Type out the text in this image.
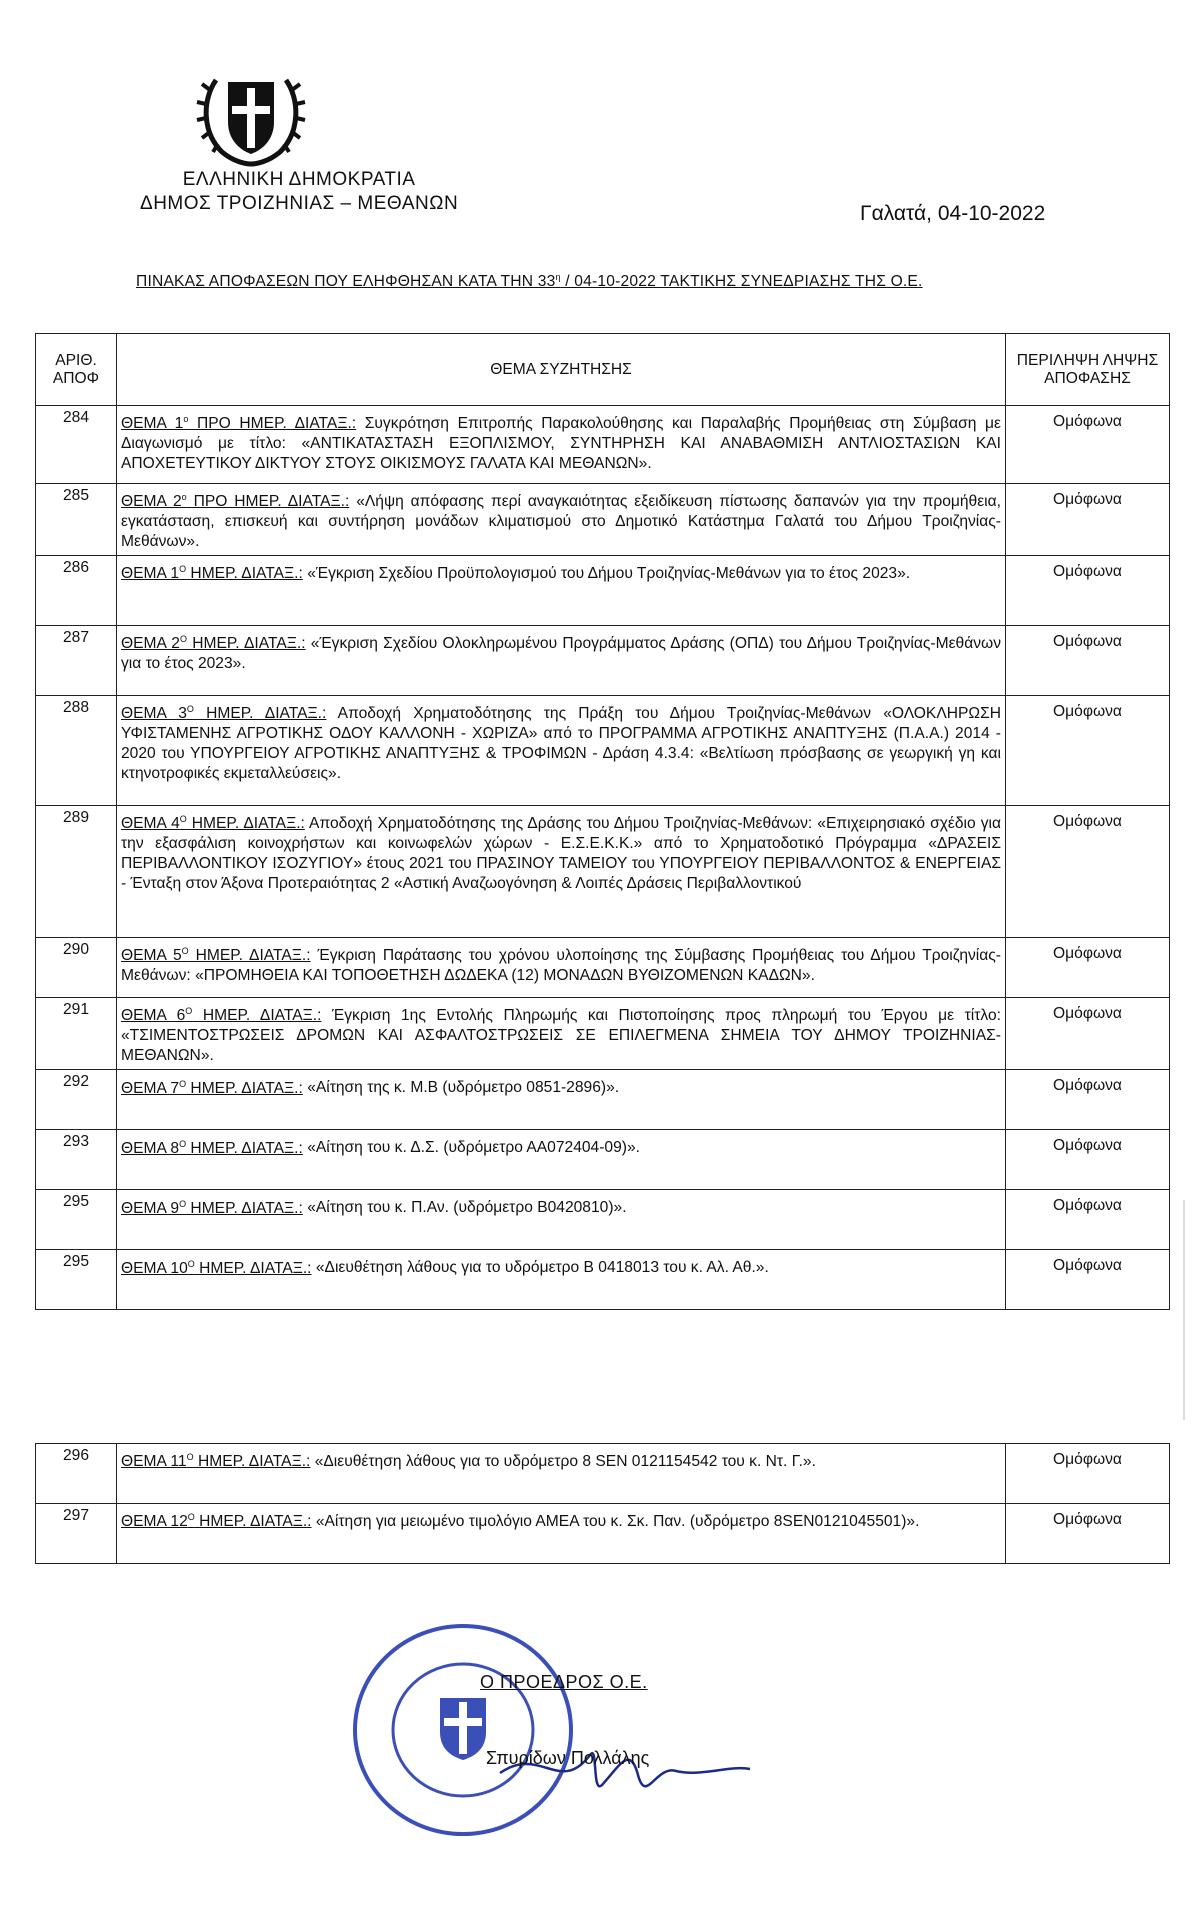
ΕΛΛΗΝΙΚΗ ΔΗΜΟΚΡΑΤΙΑ
ΔΗΜΟΣ ΤΡΟΙΖΗΝΙΑΣ – ΜΕΘΑΝΩΝ	Γαλατά, 04-10-2022
ΠΙΝΑΚΑΣ ΑΠΟΦΑΣΕΩΝ ΠΟΥ ΕΛΗΦΘΗΣΑΝ ΚΑΤΑ ΤΗΝ $33^\eta / 04-10-2022$ ΤΑΚΤΙΚΗΣ ΣΥΝΕΔΡΙΑΣΗΣ ΤΗΣ Ο.Ε.
ΑΡΙΘ. ΑΠΟΦ	ΘΕΜΑ ΣΥΖΗΤΗΣΗΣ	ΠΕΡΙΛΗΨΗ ΛΗΨΗΣ ΑΠΟΦΑΣΗΣ
284	ΘΕΜΑ $1^o$ ΠΡΟ ΗΜΕΡ. ΔΙΑΤΑΞ.: Συγκρότηση Επιτροπής Παρακολούθησης και Παραλαβής Προμήθειας στη Σύμβαση με Διαγωνισμό με τίτλο: «ΑΝΤΙΚΑΤΑΣΤΑΣΗ ΕΞΟΠΛΙΣΜΟΥ, ΣΥΝΤΗΡΗΣΗ ΚΑΙ ΑΝΑΒΑΘΜΙΣΗ ΑΝΤΛΙΟΣΤΑΣΙΩΝ ΚΑΙ ΑΠΟΧΕΤΕΥΤΙΚΟΥ ΔΙΚΤΥΟΥ ΣΤΟΥΣ ΟΙΚΙΣΜΟΥΣ ΓΑΛΑΤΑ ΚΑΙ ΜΕΘΑΝΩΝ».	Ομόφωνα
285	ΘΕΜΑ $2^o$ ΠΡΟ ΗΜΕΡ. ΔΙΑΤΑΞ.: «Λήψη απόφασης περί αναγκαιότητας εξειδίκευση πίστωσης δαπανών για την προμήθεια, εγκατάσταση, επισκευή και συντήρηση μονάδων κλιματισμού στο Δημοτικό Κατάστημα Γαλατά του Δήμου Τροιζηνίας-Μεθάνων».	Ομόφωνα
286	ΘΕΜΑ $1^O$ ΗΜΕΡ. ΔΙΑΤΑΞ.: «Έγκριση Σχεδίου Προϋπολογισμού του Δήμου Τροιζηνίας-Μεθάνων για το έτος 2023».	Ομόφωνα
287	ΘΕΜΑ $2^O$ ΗΜΕΡ. ΔΙΑΤΑΞ.: «Έγκριση Σχεδίου Ολοκληρωμένου Προγράμματος Δράσης (ΟΠΔ) του Δήμου Τροιζηνίας-Μεθάνων για το έτος 2023».	Ομόφωνα
288	ΘΕΜΑ $3^O$ ΗΜΕΡ. ΔΙΑΤΑΞ.: Αποδοχή Χρηματοδότησης της Πράξη του Δήμου Τροιζηνίας-Μεθάνων «ΟΛΟΚΛΗΡΩΣΗ ΥΦΙΣΤΑΜΕΝΗΣ ΑΓΡΟΤΙΚΗΣ ΟΔΟΥ ΚΑΛΛΟΝΗ - ΧΩΡΙΖΑ» από το ΠΡΟΓΡΑΜΜΑ ΑΓΡΟΤΙΚΗΣ ΑΝΑΠΤΥΞΗΣ (Π.Α.Α.) 2014 - 2020 του ΥΠΟΥΡΓΕΙΟΥ ΑΓΡΟΤΙΚΗΣ ΑΝΑΠΤΥΞΗΣ & ΤΡΟΦΙΜΩΝ - Δράση 4.3.4: «Βελτίωση πρόσβασης σε γεωργική γη και κτηνοτροφικές εκμεταλλεύσεις».	Ομόφωνα
289	ΘΕΜΑ $4^O$ ΗΜΕΡ. ΔΙΑΤΑΞ.: Αποδοχή Χρηματοδότησης της Δράσης του Δήμου Τροιζηνίας-Μεθάνων: «Επιχειρησιακό σχέδιο για την εξασφάλιση κοινοχρήστων και κοινωφελών χώρων - Ε.Σ.Ε.Κ.Κ.» από το Χρηματοδοτικό Πρόγραμμα «ΔΡΑΣΕΙΣ ΠΕΡΙΒΑΛΛΟΝΤΙΚΟΥ ΙΣΟΖΥΓΙΟΥ» έτους 2021 του ΠΡΑΣΙΝΟΥ ΤΑΜΕΙΟΥ του ΥΠΟΥΡΓΕΙΟΥ ΠΕΡΙΒΑΛΛΟΝΤΟΣ & ΕΝΕΡΓΕΙΑΣ - Ένταξη στον Άξονα Προτεραιότητας 2 «Αστική Αναζωογόνηση & Λοιπές Δράσεις Περιβαλλοντικού	Ομόφωνα
290	ΘΕΜΑ $5^O$ ΗΜΕΡ. ΔΙΑΤΑΞ.: Έγκριση Παράτασης του χρόνου υλοποίησης της Σύμβασης Προμήθειας του Δήμου Τροιζηνίας-Μεθάνων: «ΠΡΟΜΗΘΕΙΑ ΚΑΙ ΤΟΠΟΘΕΤΗΣΗ ΔΩΔΕΚΑ (12) ΜΟΝΑΔΩΝ ΒΥΘΙΖΟΜΕΝΩΝ ΚΑΔΩΝ».	Ομόφωνα
291	ΘΕΜΑ $6^O$ ΗΜΕΡ. ΔΙΑΤΑΞ.: Έγκριση 1ης Εντολής Πληρωμής και Πιστοποίησης προς πληρωμή του Έργου με τίτλο: «ΤΣΙΜΕΝΤΟΣΤΡΩΣΕΙΣ ΔΡΟΜΩΝ ΚΑΙ ΑΣΦΑΛΤΟΣΤΡΩΣΕΙΣ ΣΕ ΕΠΙΛΕΓΜΕΝΑ ΣΗΜΕΙΑ ΤΟΥ ΔΗΜΟΥ ΤΡΟΙΖΗΝΙΑΣ-ΜΕΘΑΝΩΝ».	Ομόφωνα
292	ΘΕΜΑ $7^O$ ΗΜΕΡ. ΔΙΑΤΑΞ.: «Αίτηση της κ. Μ.Β (υδρόμετρο 0851-2896)».	Ομόφωνα
293	ΘΕΜΑ $8^O$ ΗΜΕΡ. ΔΙΑΤΑΞ.: «Αίτηση του κ. Δ.Σ. (υδρόμετρο ΑΑ072404-09)».	Ομόφωνα
295	ΘΕΜΑ $9^O$ ΗΜΕΡ. ΔΙΑΤΑΞ.: «Αίτηση του κ. Π.Αν. (υδρόμετρο Β0420810)».	Ομόφωνα
295	ΘΕΜΑ $10^O$ ΗΜΕΡ. ΔΙΑΤΑΞ.: «Διευθέτηση λάθους για το υδρόμετρο Β 0418013 του κ. Αλ. Αθ.».	Ομόφωνα
296	ΘΕΜΑ $11^O$ ΗΜΕΡ. ΔΙΑΤΑΞ.: «Διευθέτηση λάθους για το υδρόμετρο 8 SEN 0121154542 του κ. Ντ. Γ.».	Ομόφωνα
297	ΘΕΜΑ $12^O$ ΗΜΕΡ. ΔΙΑΤΑΞ.: «Αίτηση για μειωμένο τιμολόγιο ΑΜΕΑ του κ. Σκ. Παν. (υδρόμετρο 8SEN0121045501)».	Ομόφωνα
Ο ΠΡΟΕΔΡΟΣ Ο.Ε.
Σπυρίδων Πολλάλης
